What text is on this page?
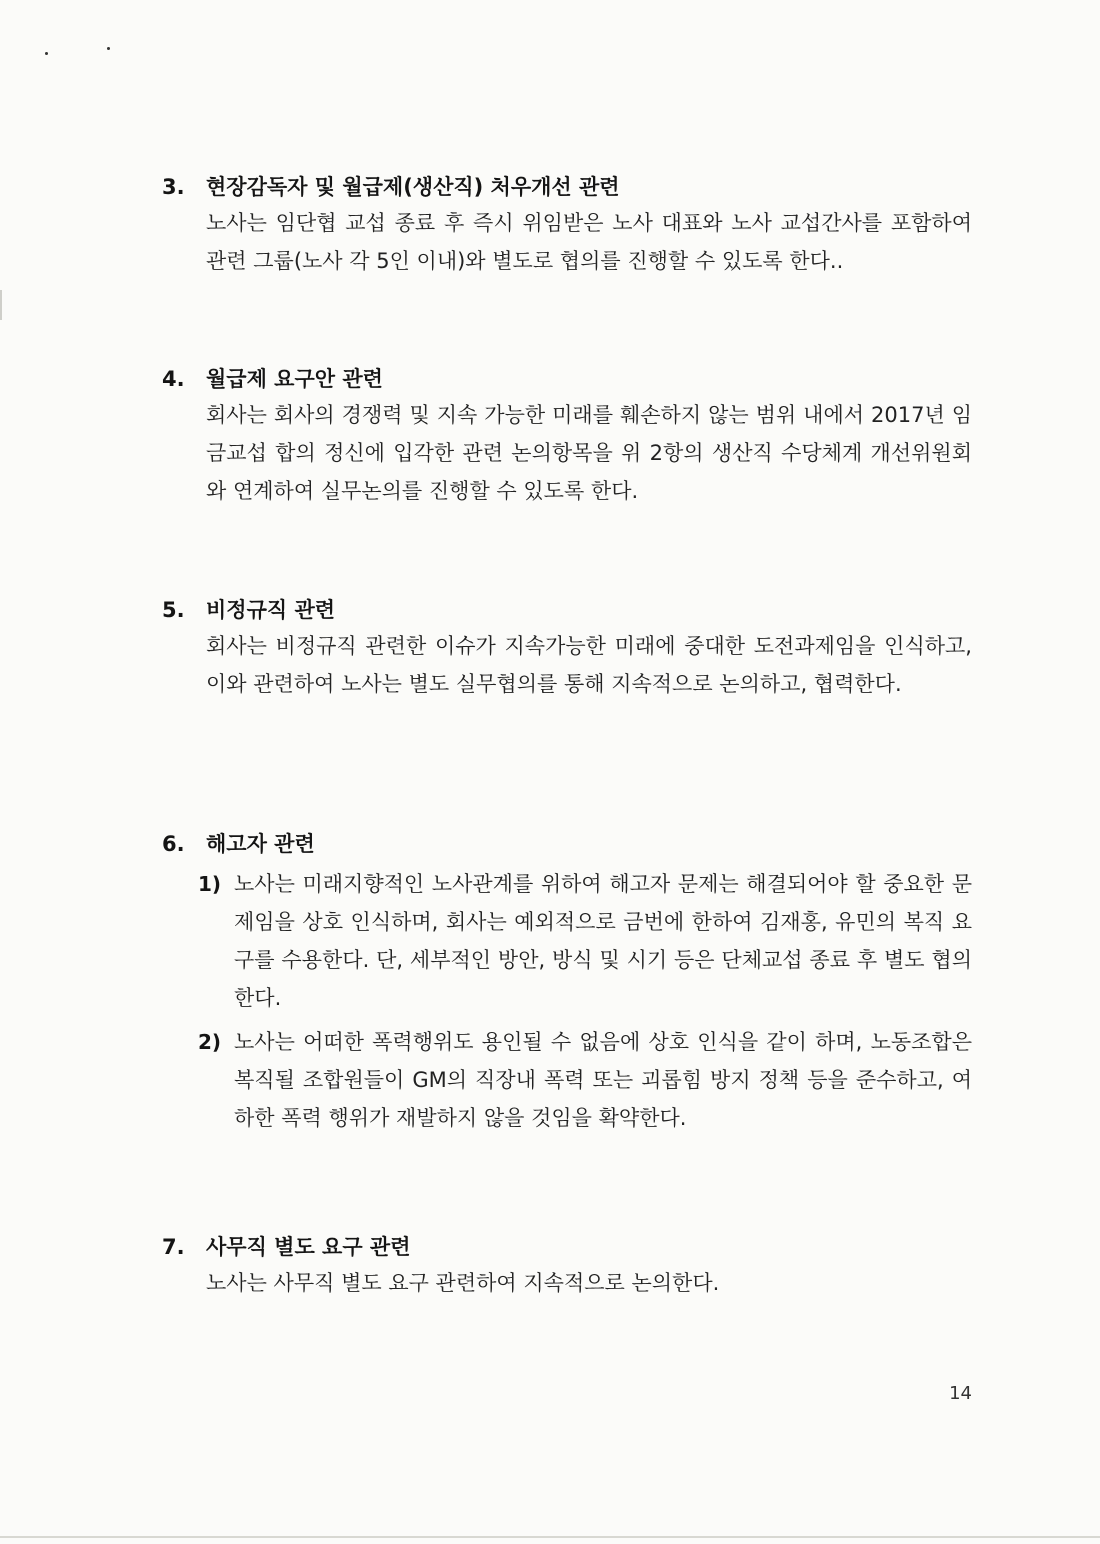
3.	현장감독자 및 월급제(생산직) 처우개선 관련
노사는 임단협 교섭 종료 후 즉시 위임받은 노사 대표와 노사 교섭간사를 포함하여 관련 그룹(노사 각 5인 이내)와 별도로 협의를 진행할 수 있도록 한다..
4.	월급제 요구안 관련
회사는 회사의 경쟁력 및 지속 가능한 미래를 훼손하지 않는 범위 내에서 2017년 임금교섭 합의 정신에 입각한 관련 논의항목을 위 2항의 생산직 수당체계 개선위원회와 연계하여 실무논의를 진행할 수 있도록 한다.
5.	비정규직 관련
회사는 비정규직 관련한 이슈가 지속가능한 미래에 중대한 도전과제임을 인식하고, 이와 관련하여 노사는 별도 실무협의를 통해 지속적으로 논의하고, 협력한다.
6.	해고자 관련
1) 노사는 미래지향적인 노사관계를 위하여 해고자 문제는 해결되어야 할 중요한 문제임을 상호 인식하며, 회사는 예외적으로 금번에 한하여 김재홍, 유민의 복직 요구를 수용한다. 단, 세부적인 방안, 방식 및 시기 등은 단체교섭 종료 후 별도 협의한다.
2) 노사는 어떠한 폭력행위도 용인될 수 없음에 상호 인식을 같이 하며, 노동조합은 복직될 조합원들이 GM의 직장내 폭력 또는 괴롭힘 방지 정책 등을 준수하고, 여하한 폭력 행위가 재발하지 않을 것임을 확약한다.
7.	사무직 별도 요구 관련
노사는 사무직 별도 요구 관련하여 지속적으로 논의한다.
14
